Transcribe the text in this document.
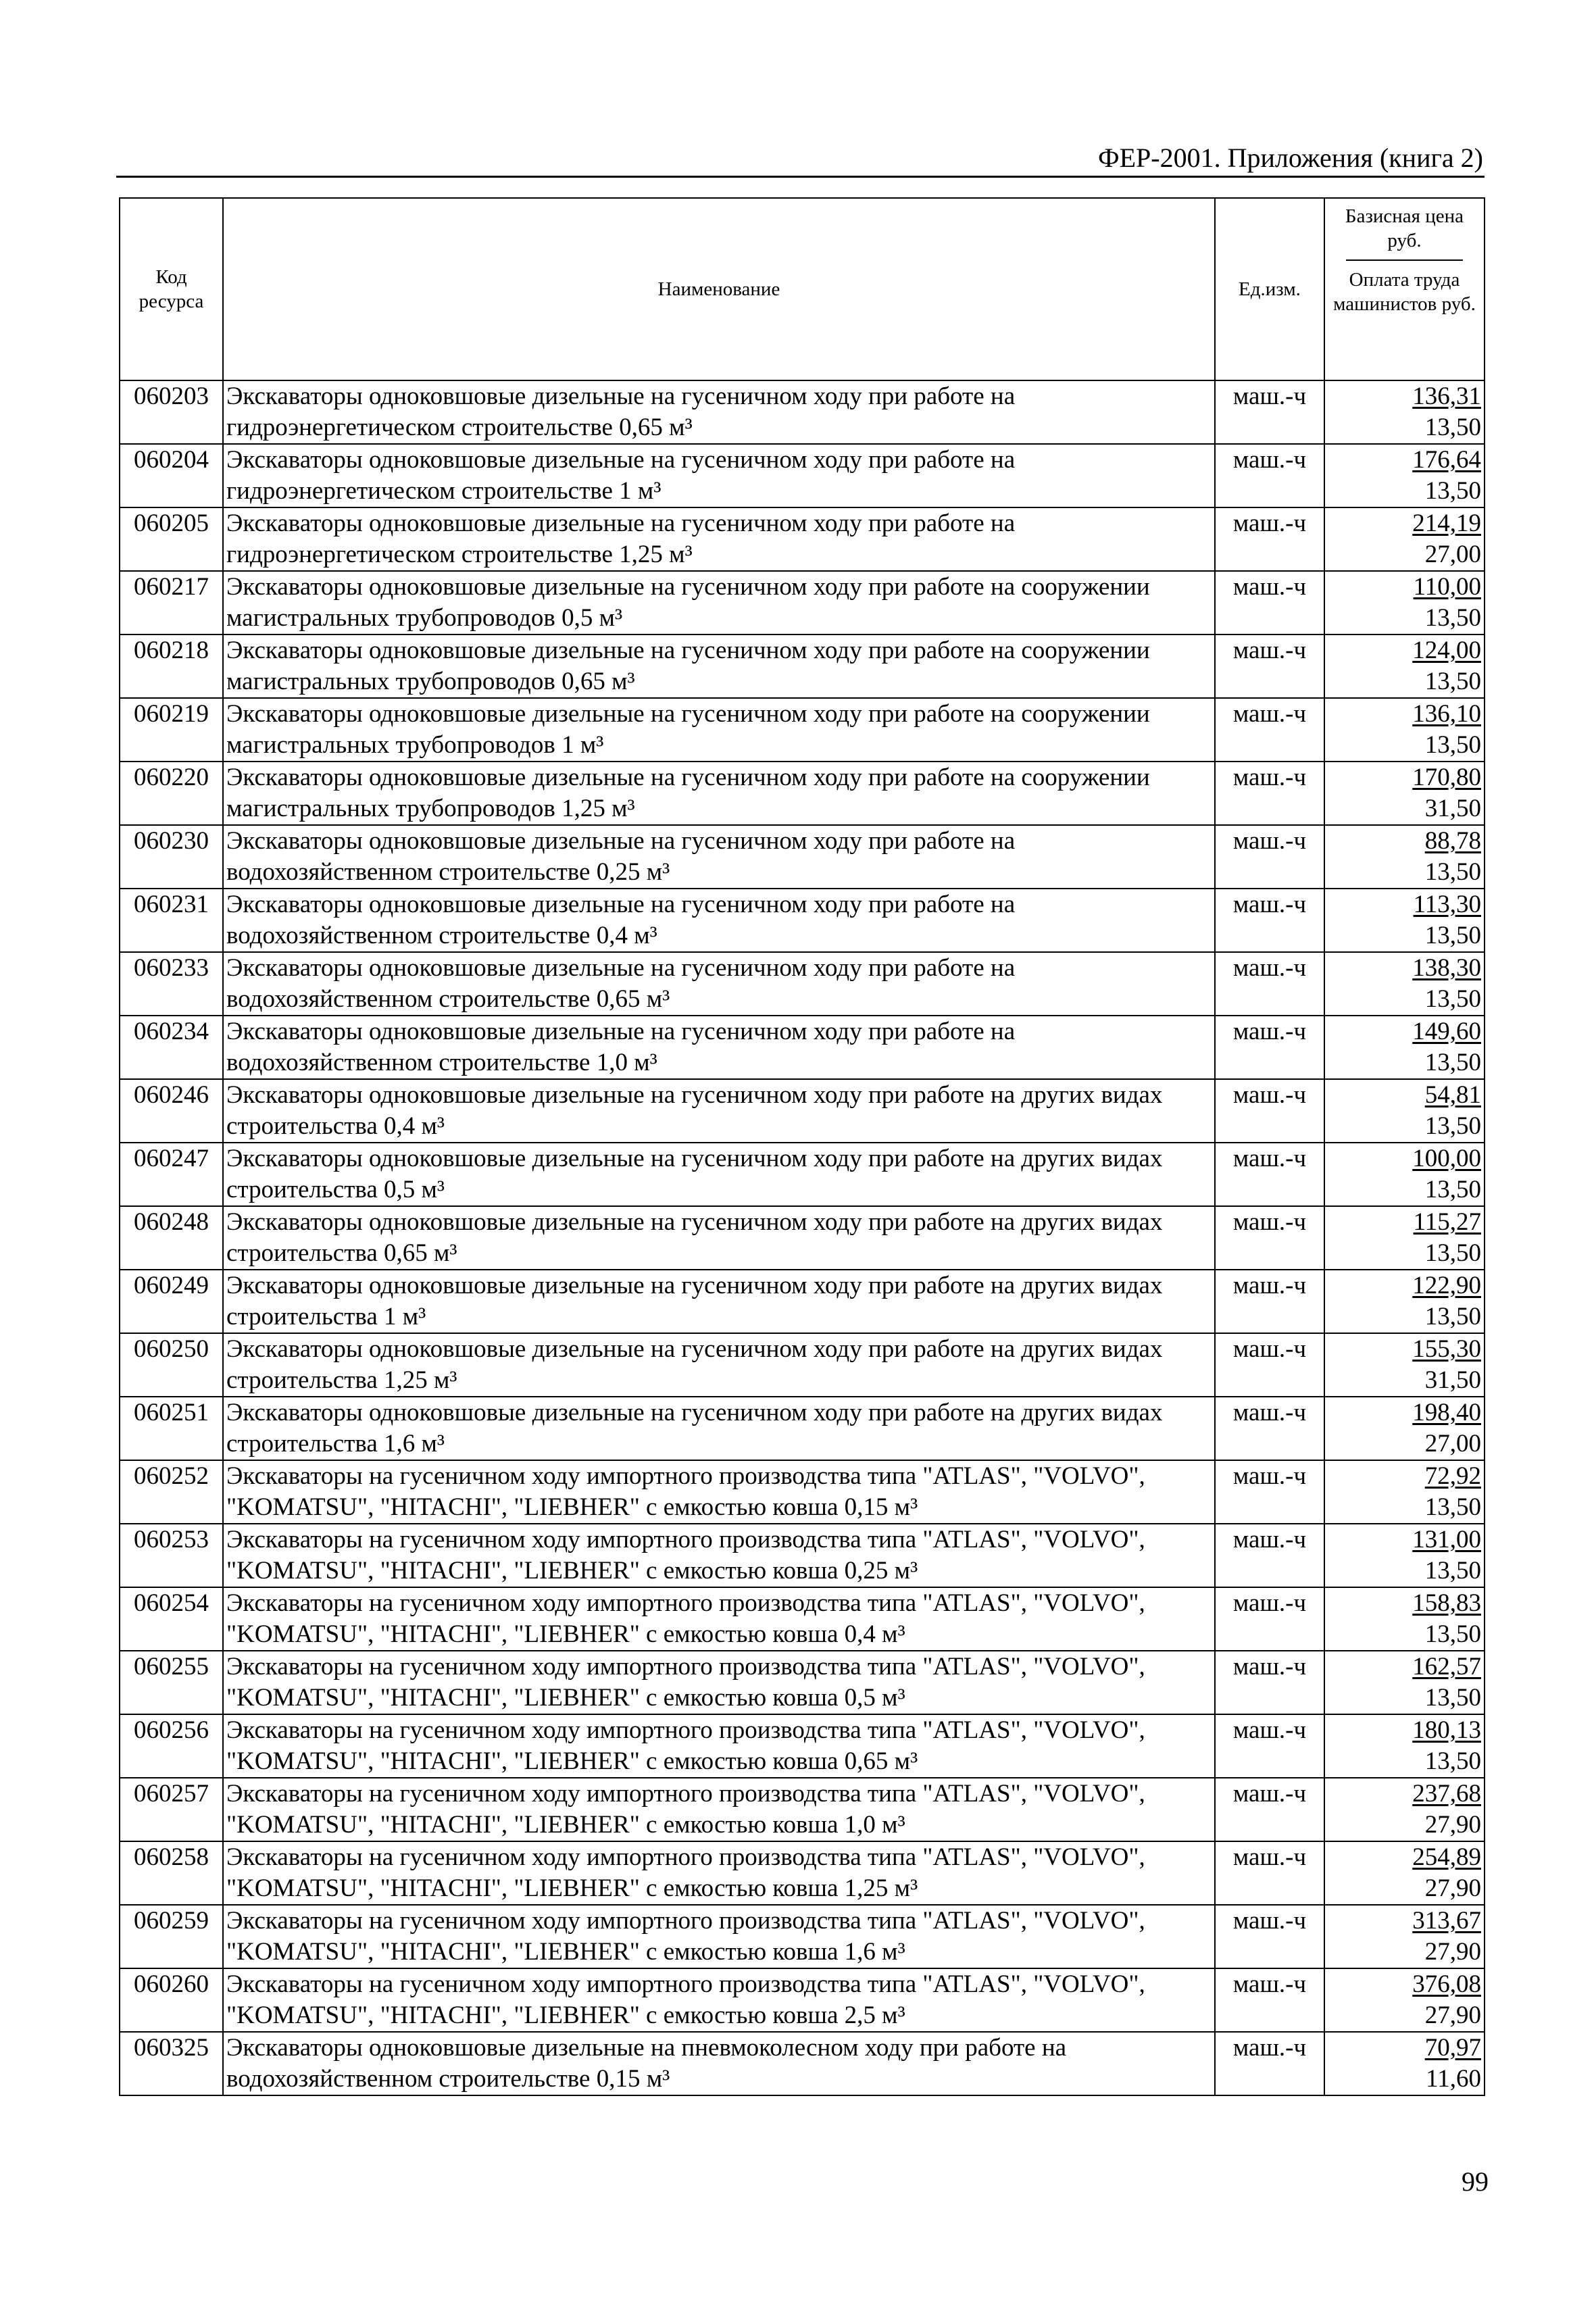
ФЕР-2001. Приложения (книга 2)
Код ресурса	Наименование	Ед.изм.	Базисная цена руб.
Оплата труда машинистов руб.

060203	Экскаваторы одноковшовые дизельные на гусеничном ходу при работе на гидроэнергетическом строительстве 0,65 м³	маш.-ч	136,31
13,50

060204	Экскаваторы одноковшовые дизельные на гусеничном ходу при работе на гидроэнергетическом строительстве 1 м³	маш.-ч	176,64
13,50

060205	Экскаваторы одноковшовые дизельные на гусеничном ходу при работе на гидроэнергетическом строительстве 1,25 м³	маш.-ч	214,19
27,00

060217	Экскаваторы одноковшовые дизельные на гусеничном ходу при работе на сооружении магистральных трубопроводов 0,5 м³	маш.-ч	110,00
13,50

060218	Экскаваторы одноковшовые дизельные на гусеничном ходу при работе на сооружении магистральных трубопроводов 0,65 м³	маш.-ч	124,00
13,50

060219	Экскаваторы одноковшовые дизельные на гусеничном ходу при работе на сооружении магистральных трубопроводов 1 м³	маш.-ч	136,10
13,50

060220	Экскаваторы одноковшовые дизельные на гусеничном ходу при работе на сооружении магистральных трубопроводов 1,25 м³	маш.-ч	170,80
31,50

060230	Экскаваторы одноковшовые дизельные на гусеничном ходу при работе на водохозяйственном строительстве 0,25 м³	маш.-ч	88,78
13,50

060231	Экскаваторы одноковшовые дизельные на гусеничном ходу при работе на водохозяйственном строительстве 0,4 м³	маш.-ч	113,30
13,50

060233	Экскаваторы одноковшовые дизельные на гусеничном ходу при работе на водохозяйственном строительстве 0,65 м³	маш.-ч	138,30
13,50

060234	Экскаваторы одноковшовые дизельные на гусеничном ходу при работе на водохозяйственном строительстве 1,0 м³	маш.-ч	149,60
13,50

060246	Экскаваторы одноковшовые дизельные на гусеничном ходу при работе на других видах строительства 0,4 м³	маш.-ч	54,81
13,50

060247	Экскаваторы одноковшовые дизельные на гусеничном ходу при работе на других видах строительства 0,5 м³	маш.-ч	100,00
13,50

060248	Экскаваторы одноковшовые дизельные на гусеничном ходу при работе на других видах строительства 0,65 м³	маш.-ч	115,27
13,50

060249	Экскаваторы одноковшовые дизельные на гусеничном ходу при работе на других видах строительства 1 м³	маш.-ч	122,90
13,50

060250	Экскаваторы одноковшовые дизельные на гусеничном ходу при работе на других видах строительства 1,25 м³	маш.-ч	155,30
31,50

060251	Экскаваторы одноковшовые дизельные на гусеничном ходу при работе на других видах строительства 1,6 м³	маш.-ч	198,40
27,00

060252	Экскаваторы на гусеничном ходу импортного производства типа "ATLAS", "VOLVO", "KOMATSU", "HITACHI", "LIEBHER" с емкостью ковша 0,15 м³	маш.-ч	72,92
13,50

060253	Экскаваторы на гусеничном ходу импортного производства типа "ATLAS", "VOLVO", "KOMATSU", "HITACHI", "LIEBHER" с емкостью ковша 0,25 м³	маш.-ч	131,00
13,50

060254	Экскаваторы на гусеничном ходу импортного производства типа "ATLAS", "VOLVO", "KOMATSU", "HITACHI", "LIEBHER" с емкостью ковша 0,4 м³	маш.-ч	158,83
13,50

060255	Экскаваторы на гусеничном ходу импортного производства типа "ATLAS", "VOLVO", "KOMATSU", "HITACHI", "LIEBHER" с емкостью ковша 0,5 м³	маш.-ч	162,57
13,50

060256	Экскаваторы на гусеничном ходу импортного производства типа "ATLAS", "VOLVO", "KOMATSU", "HITACHI", "LIEBHER" с емкостью ковша 0,65 м³	маш.-ч	180,13
13,50

060257	Экскаваторы на гусеничном ходу импортного производства типа "ATLAS", "VOLVO", "KOMATSU", "HITACHI", "LIEBHER" с емкостью ковша 1,0 м³	маш.-ч	237,68
27,90

060258	Экскаваторы на гусеничном ходу импортного производства типа "ATLAS", "VOLVO", "KOMATSU", "HITACHI", "LIEBHER" с емкостью ковша 1,25 м³	маш.-ч	254,89
27,90

060259	Экскаваторы на гусеничном ходу импортного производства типа "ATLAS", "VOLVO", "KOMATSU", "HITACHI", "LIEBHER" с емкостью ковша 1,6 м³	маш.-ч	313,67
27,90

060260	Экскаваторы на гусеничном ходу импортного производства типа "ATLAS", "VOLVO", "KOMATSU", "HITACHI", "LIEBHER" с емкостью ковша 2,5 м³	маш.-ч	376,08
27,90

060325	Экскаваторы одноковшовые дизельные на пневмоколесном ходу при работе на водохозяйственном строительстве 0,15 м³	маш.-ч	70,97
11,60
99
